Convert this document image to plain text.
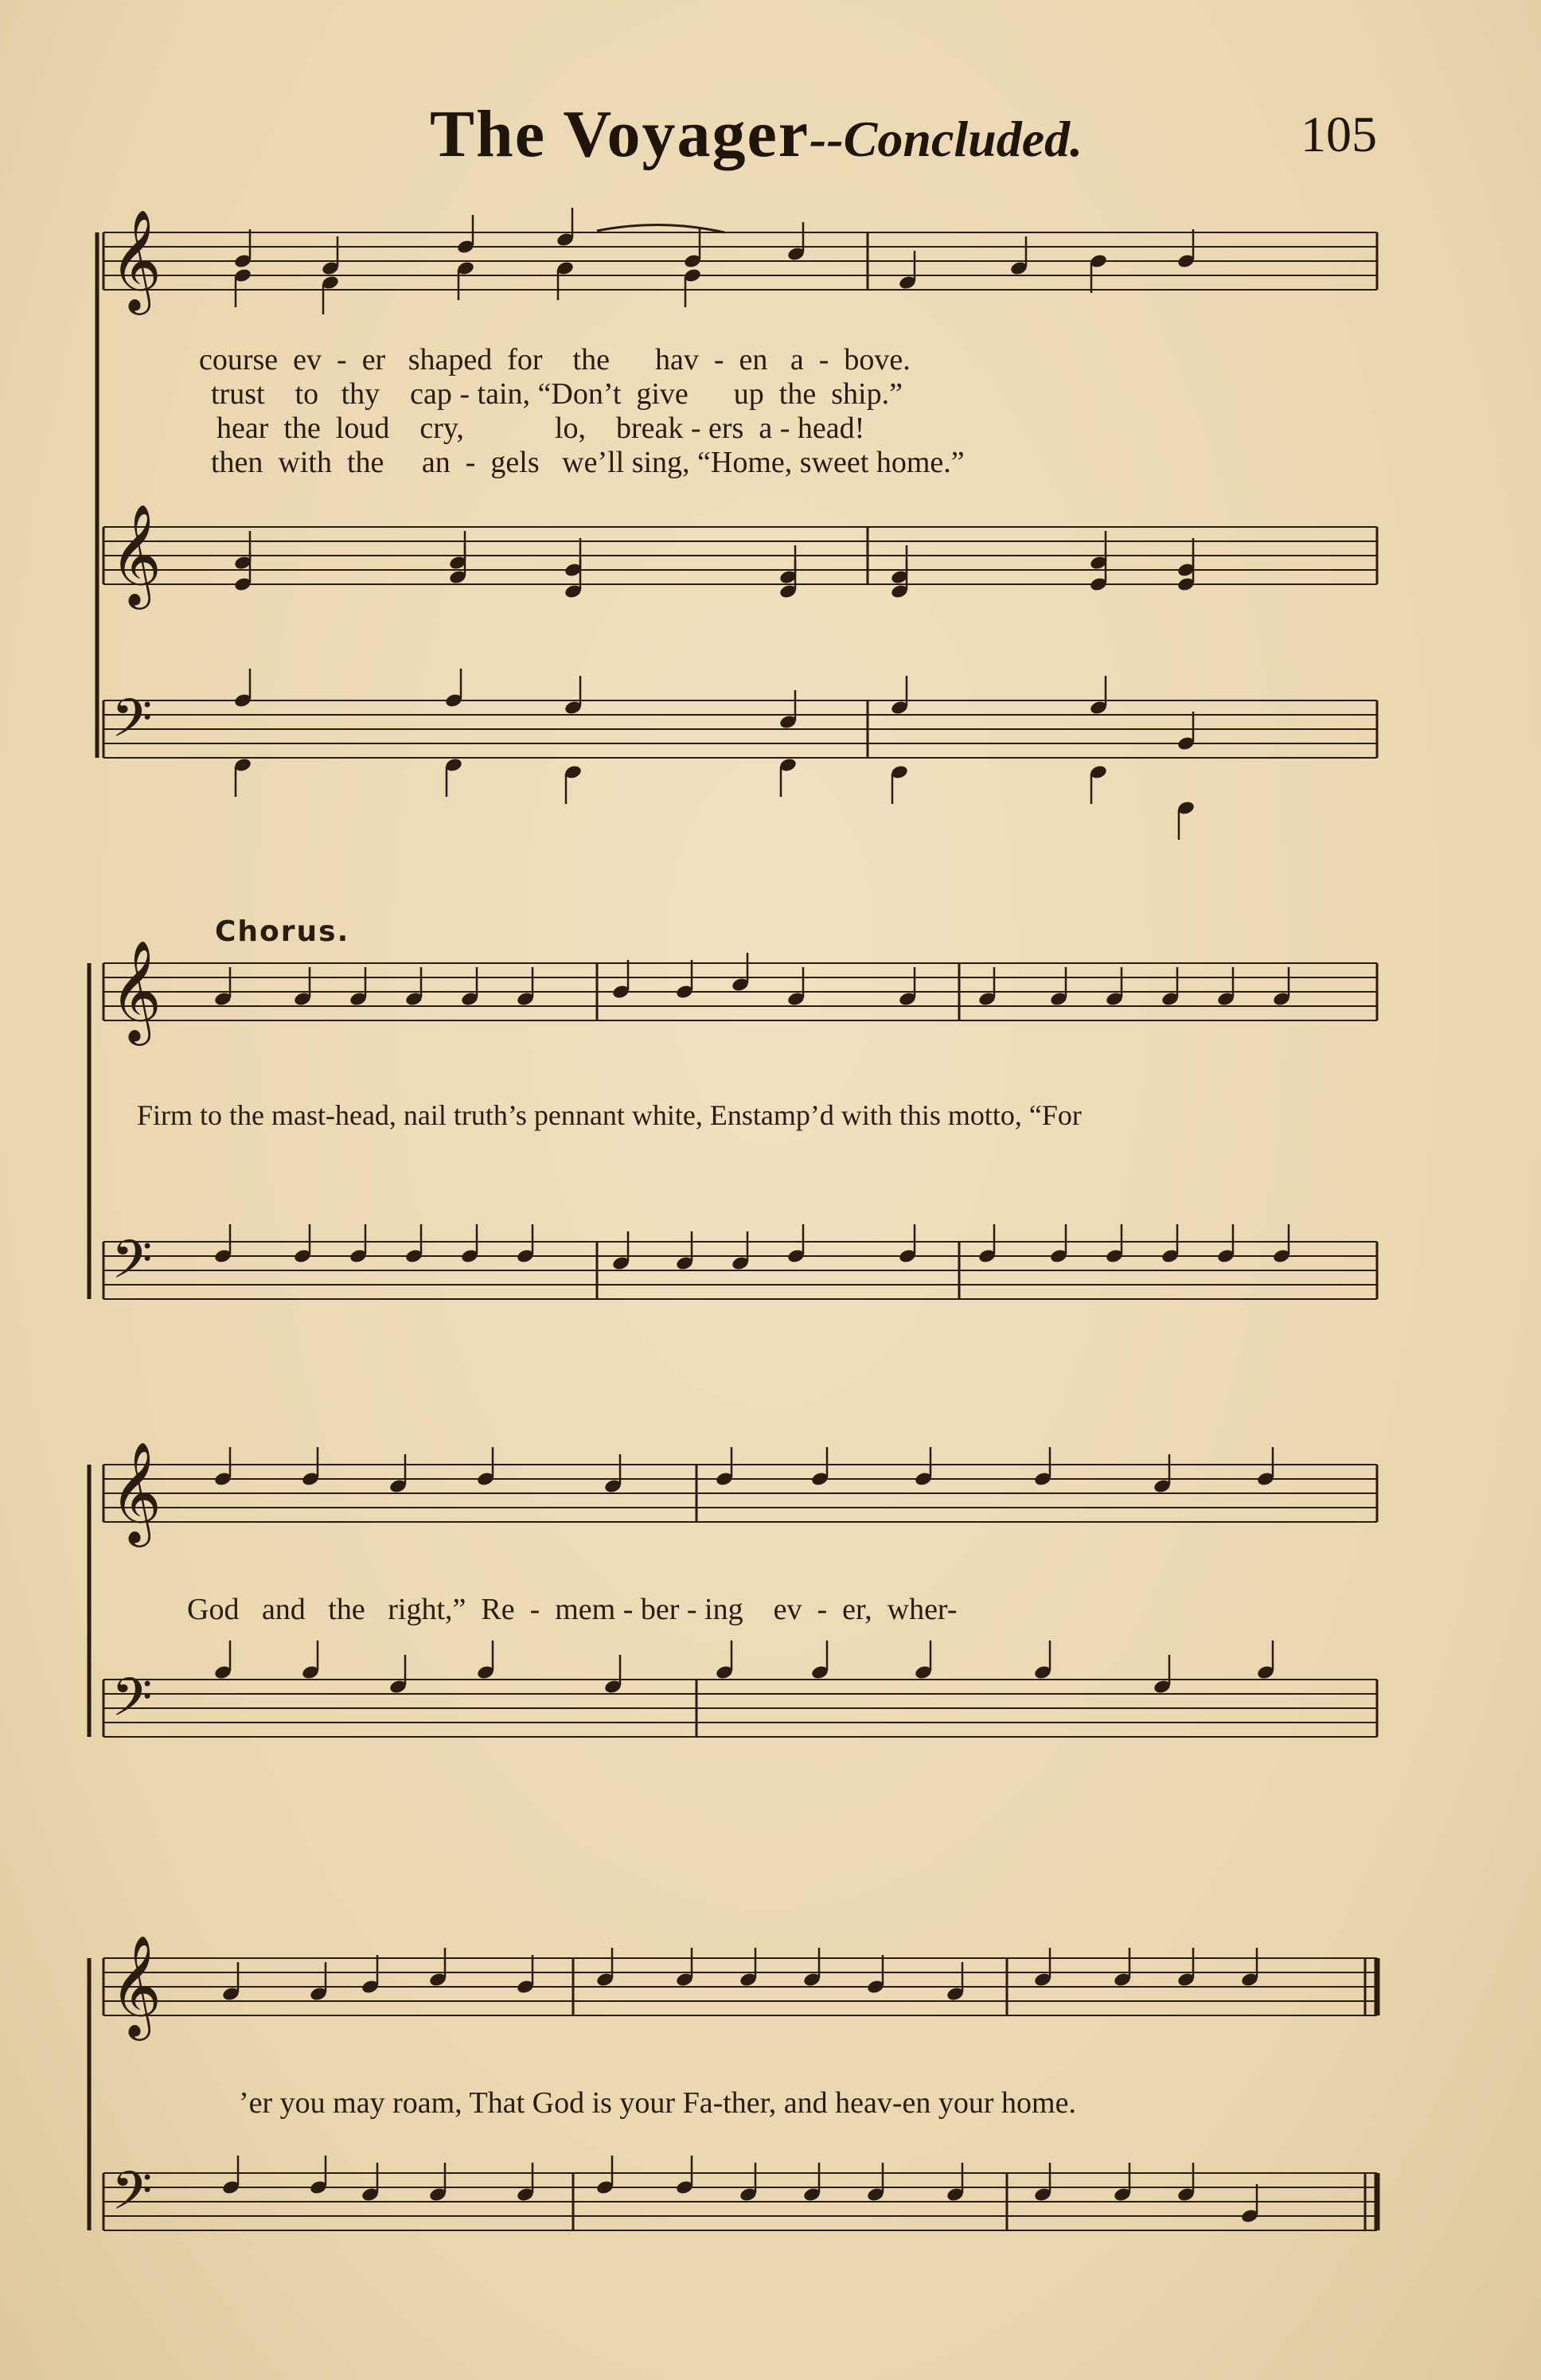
The Voyager--Concluded.	105
𝄞
𝄞
𝄢
𝄞
𝄢
𝄞
𝄢
𝄞
𝄢
course  ev  -  er   shaped  for    the      hav  -  en   a  -  bove.
trust    to   thy    cap - tain, “Don’t  give      up  the  ship.”
hear  the  loud    cry,            lo,    break - ers  a - head!
then  with  the     an  -  gels   we’ll sing, “Home, sweet home.”
Chorus.
Firm to the mast-head, nail truth’s pennant white, Enstamp’d with this motto, “For
God   and   the   right,”  Re  -  mem - ber - ing    ev  -  er,  wher-
’er you may roam, That God is your Fa-ther, and heav-en your home.
